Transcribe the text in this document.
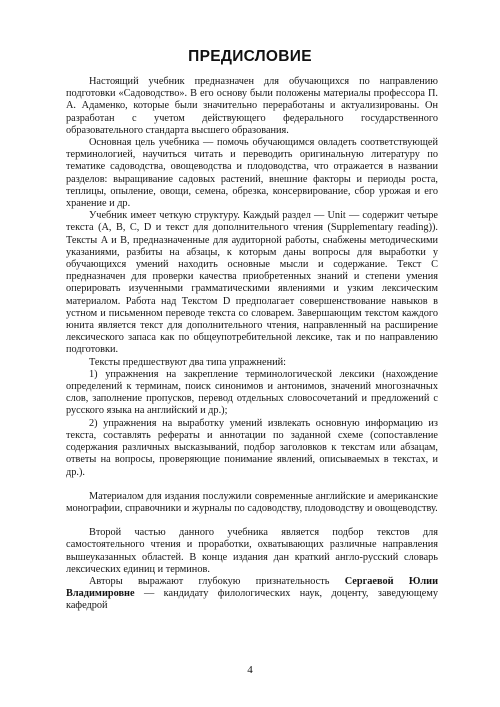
ПРЕДИСЛОВИЕ

Настоящий учебник предназначен для обучающихся по направлению подготовки «Садоводство». В его основу были положены материалы профессора П. А. Адаменко, которые были значительно переработаны и актуализированы. Он разработан с учетом действующего федерального государственного образовательного стандарта высшего образования.

Основная цель учебника — помочь обучающимся овладеть соответствующей терминологией, научиться читать и переводить оригинальную литературу по тематике садоводства, овощеводства и плодоводства, что отражается в названии разделов: выращивание садовых растений, внешние факторы и периоды роста, теплицы, опыление, овощи, семена, обрезка, консервирование, сбор урожая и его хранение и др.

Учебник имеет четкую структуру. Каждый раздел — Unit — содержит четыре текста (A, B, C, D и текст для дополнительного чтения (Supplementary reading)). Тексты A и B, предназначенные для аудиторной работы, снабжены методическими указаниями, разбиты на абзацы, к которым даны вопросы для выработки у обучающихся умений находить основные мысли и содержание. Текст C предназначен для проверки качества приобретенных знаний и степени умения оперировать изученными грамматическими явлениями и узким лексическим материалом. Работа над Текстом D предполагает совершенствование навыков в устном и письменном переводе текста со словарем. Завершающим текстом каждого юнита является текст для дополнительного чтения, направленный на расширение лексического запаса как по общеупотребительной лексике, так и по направлению подготовки.

Тексты предшествуют два типа упражнений:

1) упражнения на закрепление терминологической лексики (нахождение определений к терминам, поиск синонимов и антонимов, значений многозначных слов, заполнение пропусков, перевод отдельных словосочетаний и предложений с русского языка на английский и др.);

2) упражнения на выработку умений извлекать основную информацию из текста, составлять рефераты и аннотации по заданной схеме (сопоставление содержания различных высказываний, подбор заголовков к текстам или абзацам, ответы на вопросы, проверяющие понимание явлений, описываемых в текстах, и др.).

Материалом для издания послужили современные английские и американские монографии, справочники и журналы по садоводству, плодоводству и овощеводству.

Второй частью данного учебника является подбор текстов для самостоятельного чтения и проработки, охватывающих различные направления вышеуказанных областей. В конце издания дан краткий англо-русский словарь лексических единиц и терминов.

Авторы выражают глубокую признательность Сергаевой Юлии Владимировне — кандидату филологических наук, доценту, заведующему кафедрой

4
